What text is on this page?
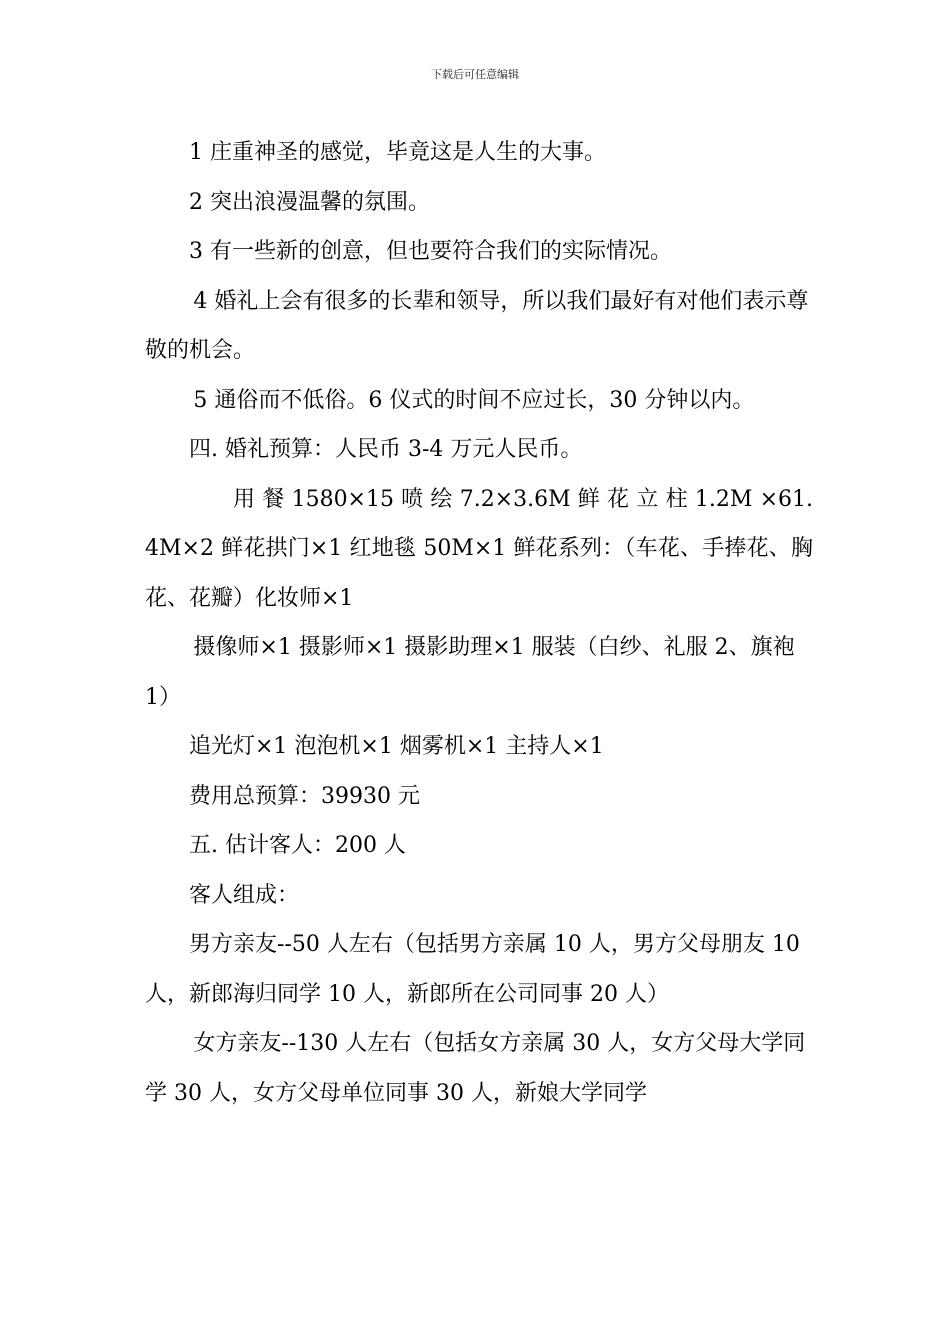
下载后可任意编辑

1 庄重神圣的感觉，毕竟这是人生的大事。

2 突出浪漫温馨的氛围。

3 有一些新的创意，但也要符合我们的实际情况。

4 婚礼上会有很多的长辈和领导，所以我们最好有对他们表示尊敬的机会。

5 通俗而不低俗。6 仪式的时间不应过长，30 分钟以内。

四. 婚礼预算：人民币 3-4 万元人民币。

用 餐 1580×15 喷 绘 7.2×3.6M 鲜 花 立 柱 1.2M ×61.4M×2 鲜花拱门×1 红地毯 50M×1 鲜花系列：（车花、手捧花、胸花、花瓣）化妆师×1

摄像师×1 摄影师×1 摄影助理×1 服装（白纱、礼服 2、旗袍 1）

追光灯×1 泡泡机×1 烟雾机×1 主持人×1

费用总预算：39930 元

五. 估计客人：200 人

客人组成：

男方亲友--50 人左右（包括男方亲属 10 人，男方父母朋友 10 人，新郎海归同学 10 人，新郎所在公司同事 20 人）

女方亲友--130 人左右（包括女方亲属 30 人，女方父母大学同学 30 人，女方父母单位同事 30 人，新娘大学同学
